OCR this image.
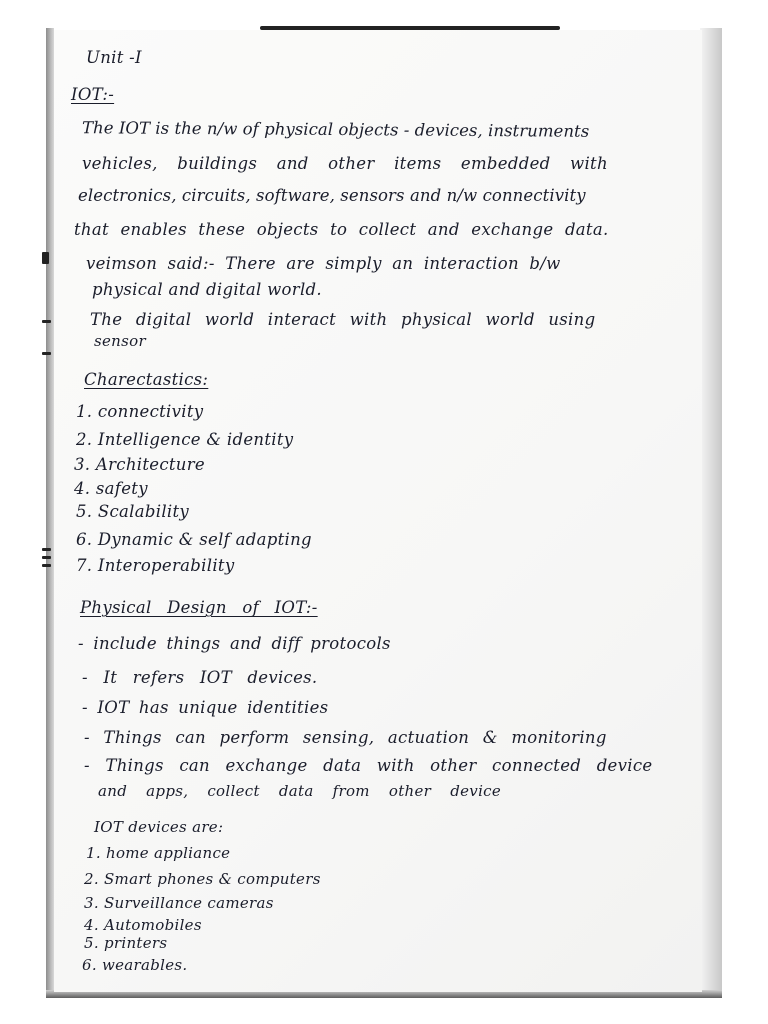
Unit -I
IOT:-
The IOT is the n/w of physical objects - devices, instruments
vehicles, buildings and other items embedded with
electronics, circuits, software, sensors and n/w connectivity
that enables these objects to collect and exchange data.
veimson said:- There are simply an interaction b/w
physical and digital world.
The digital world interact with physical world using
sensor
Charectastics:
1. connectivity
2. Intelligence & identity
3. Architecture
4. safety
5. Scalability
6. Dynamic & self adapting
7. Interoperability
Physical Design of IOT:-
- include things and diff protocols
- It refers IOT devices.
- IOT has unique identities
- Things can perform sensing, actuation & monitoring
- Things can exchange data with other connected device
and apps, collect data from other device
IOT devices are:
1. home appliance
2. Smart phones & computers
3. Surveillance cameras
4. Automobiles
5. printers
6. wearables.
